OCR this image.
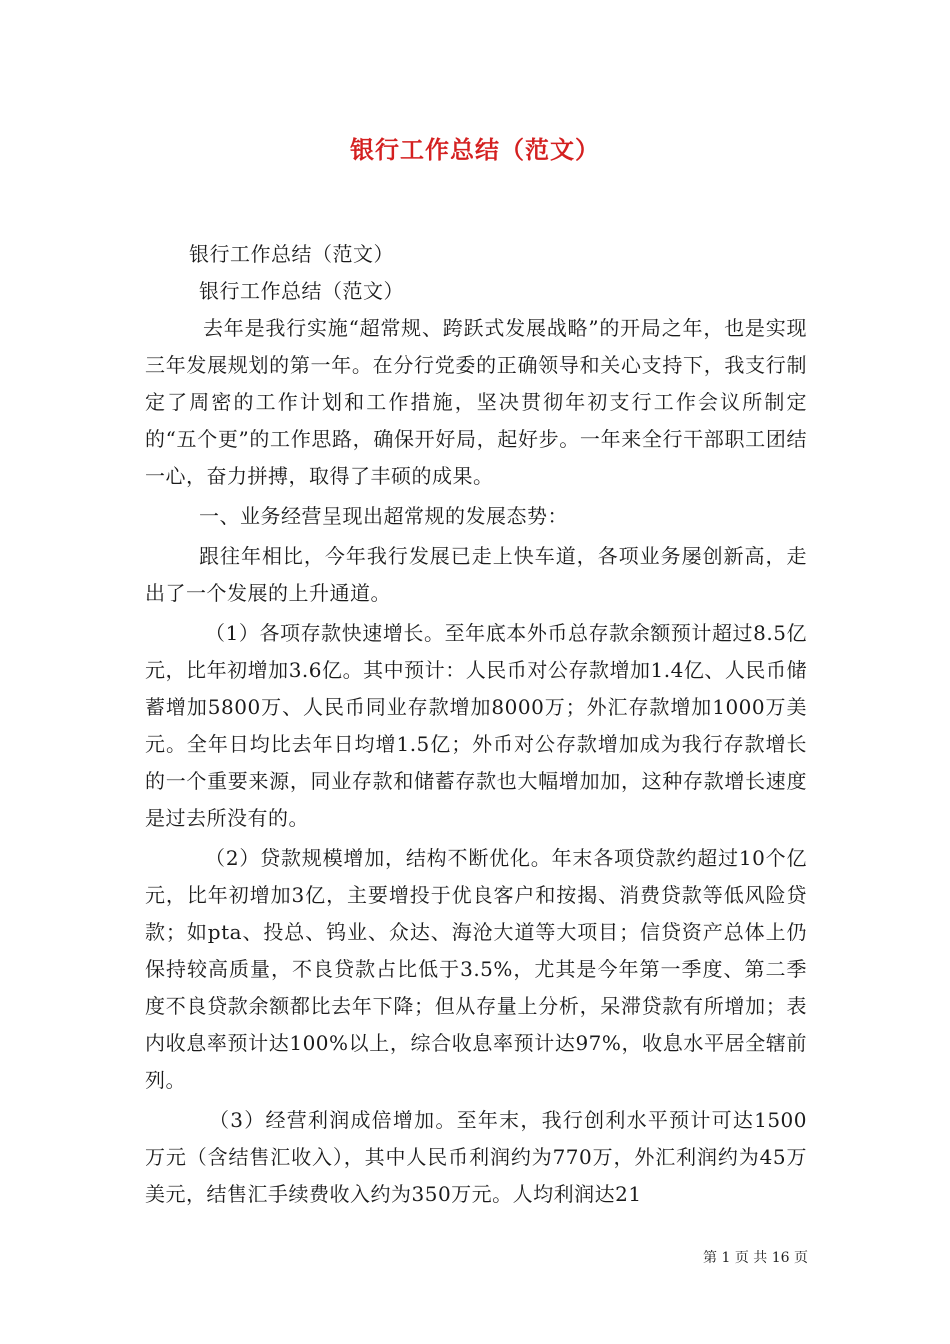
银行工作总结（范文）

银行工作总结（范文）

银行工作总结（范文）

去年是我行实施“超常规、跨跃式发展战略”的开局之年，也是实现三年发展规划的第一年。在分行党委的正确领导和关心支持下，我支行制定了周密的工作计划和工作措施，坚决贯彻年初支行工作会议所制定的“五个更”的工作思路，确保开好局，起好步。一年来全行干部职工团结一心，奋力拼搏，取得了丰硕的成果。

一、业务经营呈现出超常规的发展态势：

跟往年相比，今年我行发展已走上快车道，各项业务屡创新高，走出了一个发展的上升通道。

（1）各项存款快速增长。至年底本外币总存款余额预计超过8.5亿元，比年初增加3.6亿。其中预计：人民币对公存款增加1.4亿、人民币储蓄增加5800万、人民币同业存款增加8000万；外汇存款增加1000万美元。全年日均比去年日均增1.5亿；外币对公存款增加成为我行存款增长的一个重要来源，同业存款和储蓄存款也大幅增加加，这种存款增长速度是过去所没有的。

（2）贷款规模增加，结构不断优化。年末各项贷款约超过10个亿元，比年初增加3亿，主要增投于优良客户和按揭、消费贷款等低风险贷款；如pta、投总、钨业、众达、海沧大道等大项目；信贷资产总体上仍保持较高质量，不良贷款占比低于3.5%，尤其是今年第一季度、第二季度不良贷款余额都比去年下降；但从存量上分析，呆滞贷款有所增加；表内收息率预计达100%以上，综合收息率预计达97%，收息水平居全辖前列。

（3）经营利润成倍增加。至年末，我行创利水平预计可达1500万元（含结售汇收入），其中人民币利润约为770万，外汇利润约为45万美元，结售汇手续费收入约为350万元。人均利润达21

第 1 页 共 16 页
